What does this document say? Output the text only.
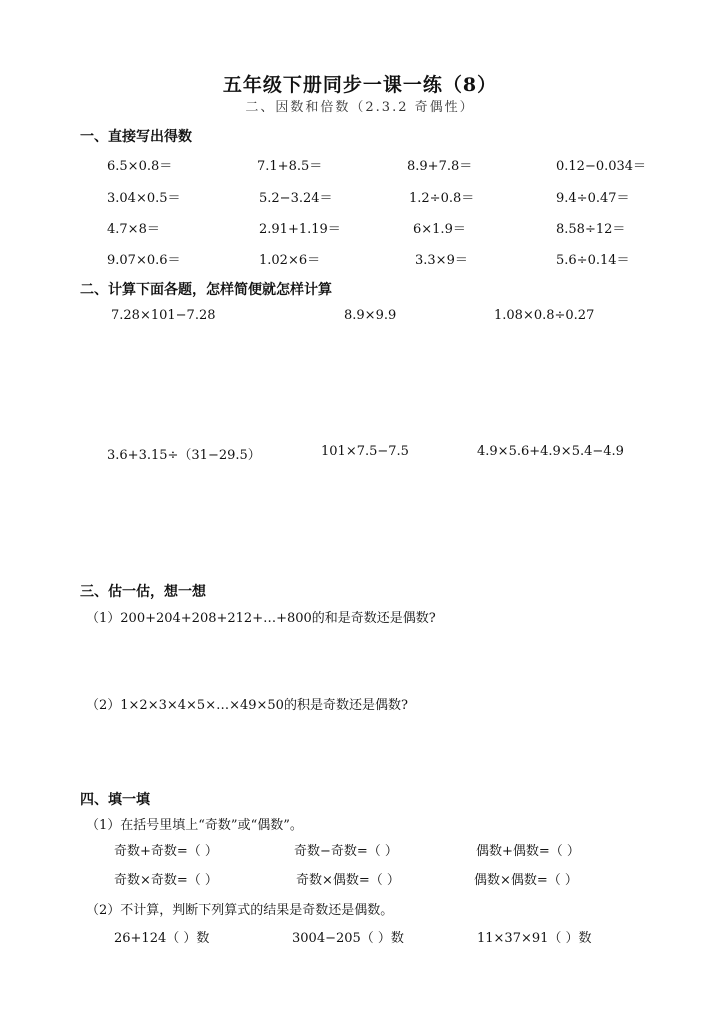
五年级下册同步一课一练（8）
二、因数和倍数（2.3.2 奇偶性）
一、直接写出得数
6.5×0.8＝	7.1+8.5＝	8.9+7.8＝	0.12−0.034＝
3.04×0.5＝	5.2−3.24＝	1.2÷0.8＝	9.4÷0.47＝
4.7×8＝	2.91+1.19＝	6×1.9＝	8.58÷12＝
9.07×0.6＝	1.02×6＝	3.3×9＝	5.6÷0.14＝
二、计算下面各题，怎样简便就怎样计算
7.28×101−7.28	8.9×9.9	1.08×0.8÷0.27
3.6+3.15÷（31−29.5）	101×7.5−7.5	4.9×5.6+4.9×5.4−4.9
三、估一估，想一想
（1）200+204+208+212+…+800的和是奇数还是偶数?
（2）1×2×3×4×5×…×49×50的积是奇数还是偶数?
四、填一填
（1）在括号里填上“奇数”或“偶数”。
奇数+奇数=（ ）	奇数−奇数=（ ）	偶数+偶数=（ ）
奇数×奇数=（ ）	奇数×偶数=（ ）	偶数×偶数=（ ）
（2）不计算，判断下列算式的结果是奇数还是偶数。
26+124（ ）数	3004−205（ ）数	11×37×91（ ）数
